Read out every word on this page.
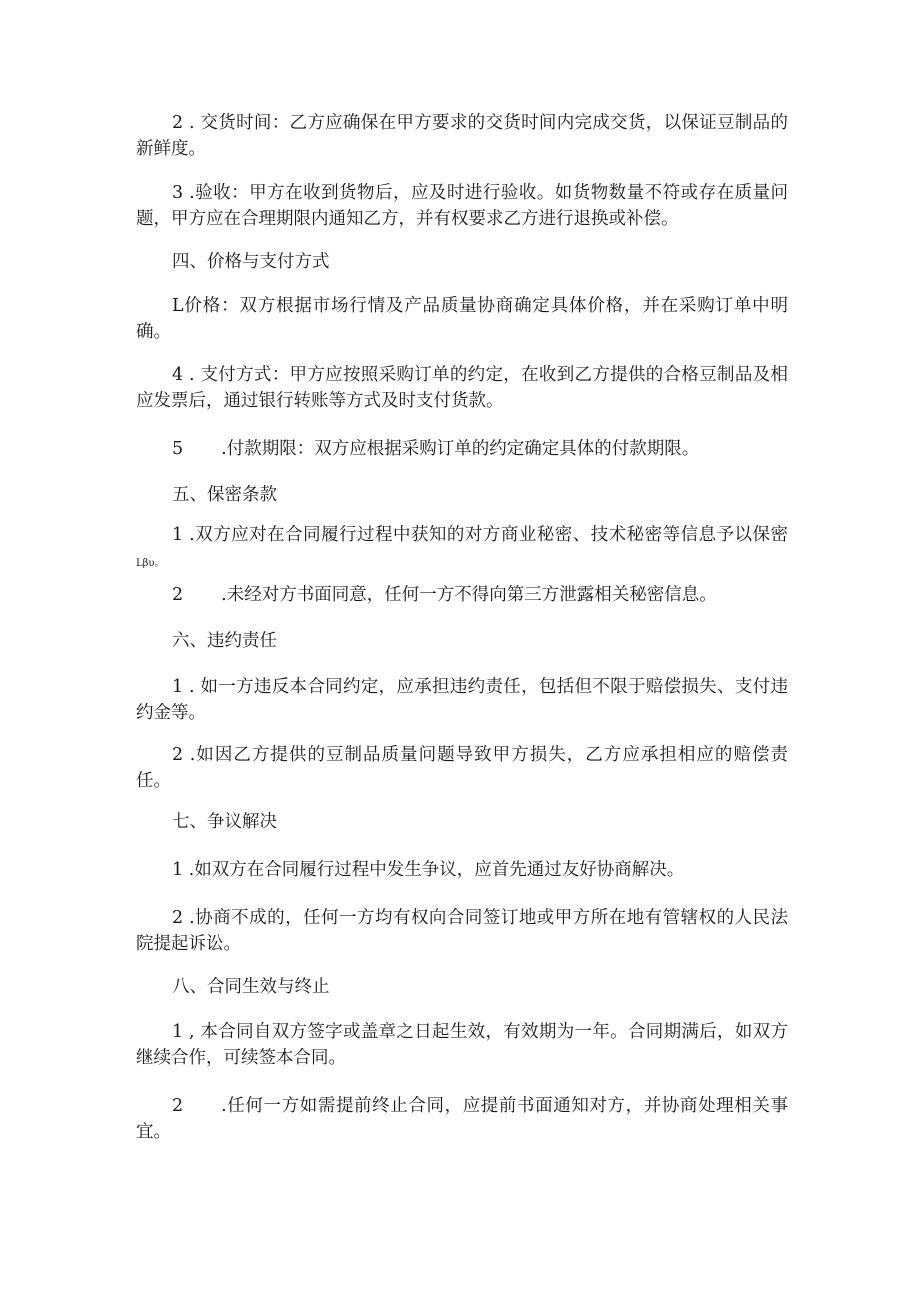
2 . 交货时间：乙方应确保在甲方要求的交货时间内完成交货，以保证豆制品的新鲜度。

3 .验收：甲方在收到货物后，应及时进行验收。如货物数量不符或存在质量问题，甲方应在合理期限内通知乙方，并有权要求乙方进行退换或补偿。

四、价格与支付方式

L价格：双方根据市场行情及产品质量协商确定具体价格，并在采购订单中明确。

4 . 支付方式：甲方应按照采购订单的约定，在收到乙方提供的合格豆制品及相应发票后，通过银行转账等方式及时支付货款。

5 .付款期限：双方应根据采购订单的约定确定具体的付款期限。

五、保密条款

1 .双方应对在合同履行过程中获知的对方商业秘密、技术秘密等信息予以保密Lβυ。

2 .未经对方书面同意，任何一方不得向第三方泄露相关秘密信息。

六、违约责任

1 . 如一方违反本合同约定，应承担违约责任，包括但不限于赔偿损失、支付违约金等。

2 .如因乙方提供的豆制品质量问题导致甲方损失，乙方应承担相应的赔偿责任。

七、争议解决

1 .如双方在合同履行过程中发生争议，应首先通过友好协商解决。

2 .协商不成的，任何一方均有权向合同签订地或甲方所在地有管辖权的人民法院提起诉讼。

八、合同生效与终止

1 , 本合同自双方签字或盖章之日起生效，有效期为一年。合同期满后，如双方继续合作，可续签本合同。

2 .任何一方如需提前终止合同，应提前书面通知对方，并协商处理相关事宜。
